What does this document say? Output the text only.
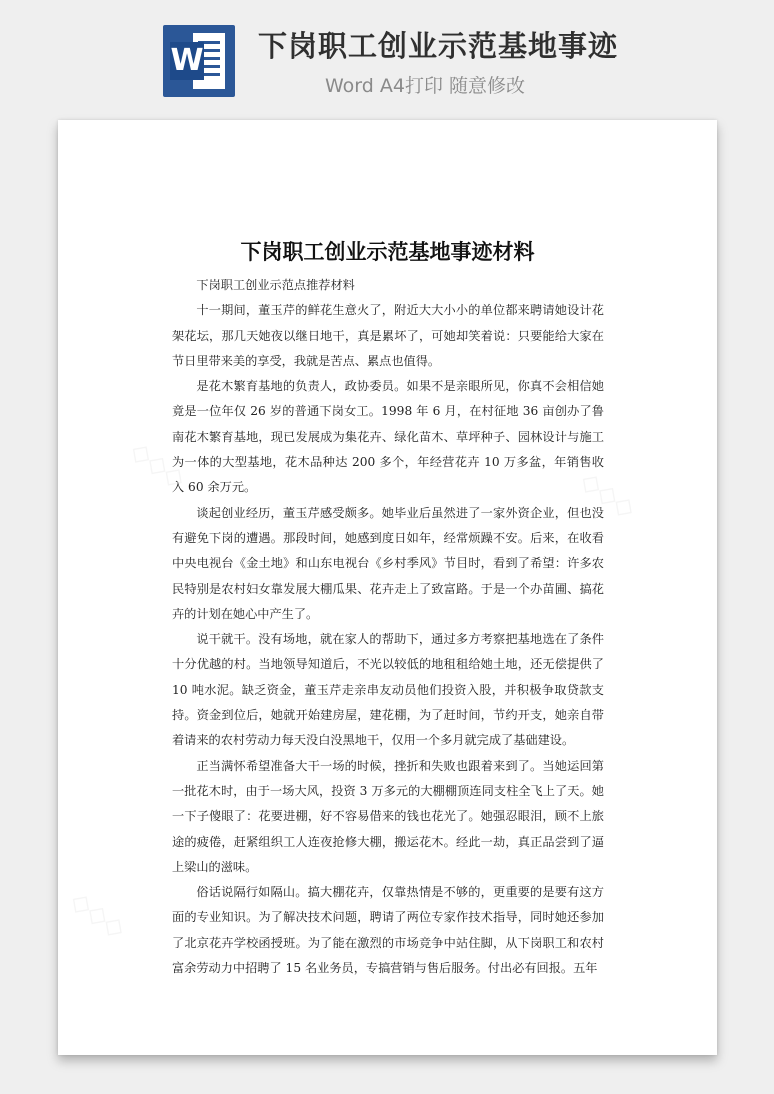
W 下岗职工创业示范基地事迹
Word A4打印 随意修改
◇◇◇
◇◇◇
◇◇◇
下岗职工创业示范基地事迹材料

下岗职工创业示范点推荐材料

十一期间，董玉芹的鲜花生意火了，附近大大小小的单位都来聘请她设计花架花坛，那几天她夜以继日地干，真是累坏了，可她却笑着说：只要能给大家在节日里带来美的享受，我就是苦点、累点也值得。

是花木繁育基地的负责人，政协委员。如果不是亲眼所见，你真不会相信她竟是一位年仅 26 岁的普通下岗女工。1998 年 6 月，在村征地 36 亩创办了鲁南花木繁育基地，现已发展成为集花卉、绿化苗木、草坪种子、园林设计与施工为一体的大型基地，花木品种达 200 多个，年经营花卉 10 万多盆，年销售收入 60 余万元。

谈起创业经历，董玉芹感受颇多。她毕业后虽然进了一家外资企业，但也没有避免下岗的遭遇。那段时间，她感到度日如年，经常烦躁不安。后来，在收看中央电视台《金土地》和山东电视台《乡村季风》节目时，看到了希望：许多农民特别是农村妇女靠发展大棚瓜果、花卉走上了致富路。于是一个办苗圃、搞花卉的计划在她心中产生了。

说干就干。没有场地，就在家人的帮助下，通过多方考察把基地选在了条件十分优越的村。当地领导知道后，不光以较低的地租租给她土地，还无偿提供了 10 吨水泥。缺乏资金，董玉芹走亲串友动员他们投资入股，并积极争取贷款支持。资金到位后，她就开始建房屋，建花棚，为了赶时间，节约开支，她亲自带着请来的农村劳动力每天没白没黑地干，仅用一个多月就完成了基础建设。

正当满怀希望准备大干一场的时候，挫折和失败也跟着来到了。当她运回第一批花木时，由于一场大风，投资 3 万多元的大棚棚顶连同支柱全飞上了天。她一下子傻眼了：花要进棚，好不容易借来的钱也花光了。她强忍眼泪，顾不上旅途的疲倦，赶紧组织工人连夜抢修大棚，搬运花木。经此一劫，真正品尝到了逼上梁山的滋味。

俗话说隔行如隔山。搞大棚花卉，仅靠热情是不够的，更重要的是要有这方面的专业知识。为了解决技术问题，聘请了两位专家作技术指导，同时她还参加了北京花卉学校函授班。为了能在激烈的市场竞争中站住脚，从下岗职工和农村富余劳动力中招聘了 15 名业务员，专搞营销与售后服务。付出必有回报。五年
